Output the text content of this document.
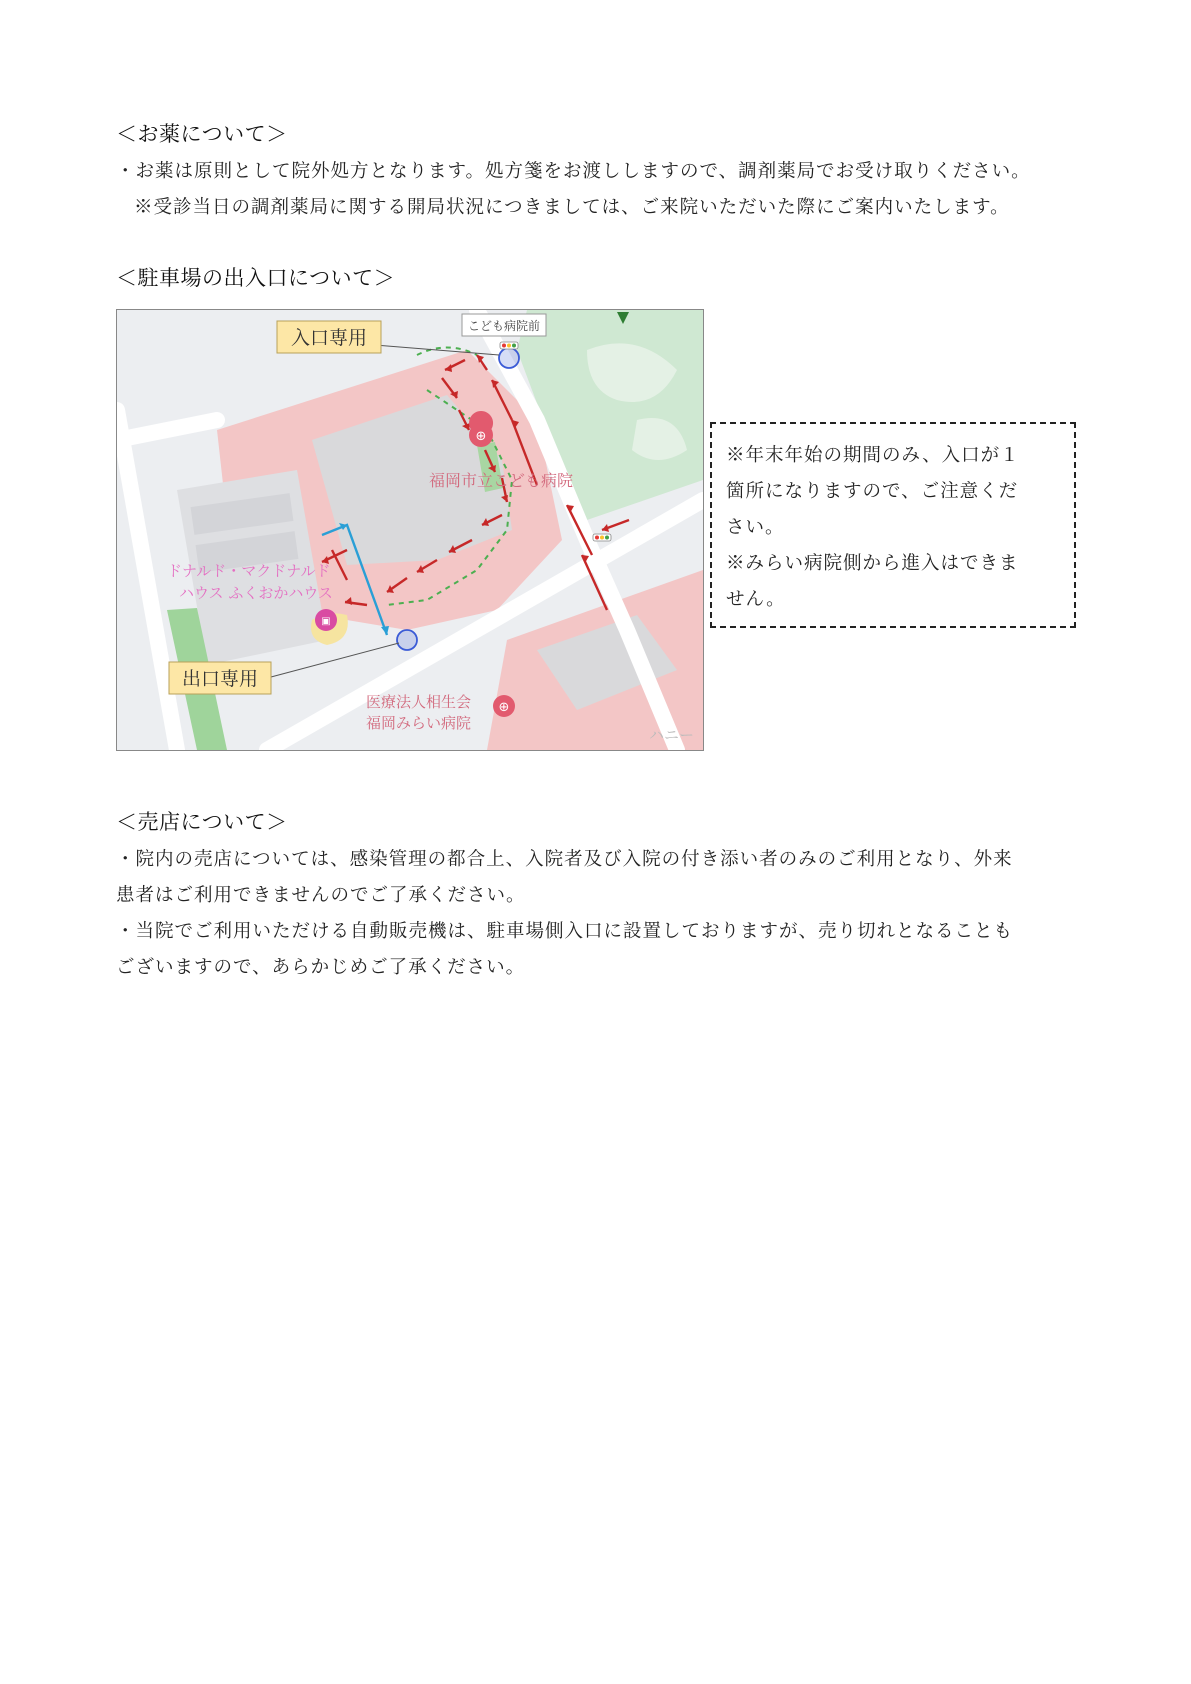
＜お薬について＞
・お薬は原則として院外処方となります。処方箋をお渡ししますので、調剤薬局でお受け取りください。
※受診当日の調剤薬局に関する開局状況につきましては、ご来院いただいた際にご案内いたします。
＜駐車場の出入口について＞
⊕
▣
⊕
入口専用
出口専用
こども病院前
福岡市立こども病院
ドナルド・マクドナルド
ハウス ふくおかハウス
医療法人相生会
福岡みらい病院
ハニー
※年末年始の期間のみ、入口が１
箇所になりますので、ご注意くだ
さい。
※みらい病院側から進入はできま
せん。
＜売店について＞
・院内の売店については、感染管理の都合上、入院者及び入院の付き添い者のみのご利用となり、外来
患者はご利用できませんのでご了承ください。
・当院でご利用いただける自動販売機は、駐車場側入口に設置しておりますが、売り切れとなることも
ございますので、あらかじめご了承ください。
